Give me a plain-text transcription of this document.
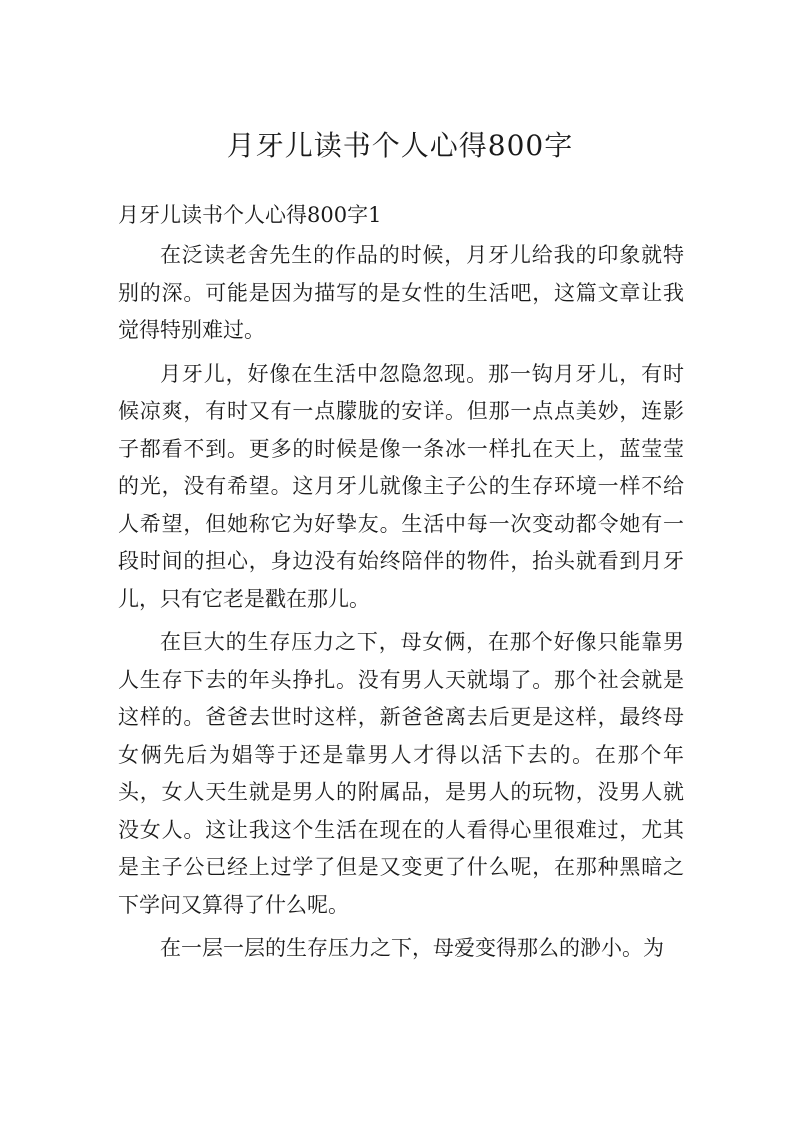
月牙儿读书个人心得800字

月牙儿读书个人心得800字1

在泛读老舍先生的作品的时候，月牙儿给我的印象就特别的深。可能是因为描写的是女性的生活吧，这篇文章让我觉得特别难过。

月牙儿，好像在生活中忽隐忽现。那一钩月牙儿，有时候凉爽，有时又有一点朦胧的安详。但那一点点美妙，连影子都看不到。更多的时候是像一条冰一样扎在天上，蓝莹莹的光，没有希望。这月牙儿就像主子公的生存环境一样不给人希望，但她称它为好挚友。生活中每一次变动都令她有一段时间的担心，身边没有始终陪伴的物件，抬头就看到月牙儿，只有它老是戳在那儿。

在巨大的生存压力之下，母女俩，在那个好像只能靠男人生存下去的年头挣扎。没有男人天就塌了。那个社会就是这样的。爸爸去世时这样，新爸爸离去后更是这样，最终母女俩先后为娼等于还是靠男人才得以活下去的。在那个年头，女人天生就是男人的附属品，是男人的玩物，没男人就没女人。这让我这个生活在现在的人看得心里很难过，尤其是主子公已经上过学了但是又变更了什么呢，在那种黑暗之下学问又算得了什么呢。

在一层一层的生存压力之下，母爱变得那么的渺小。为
